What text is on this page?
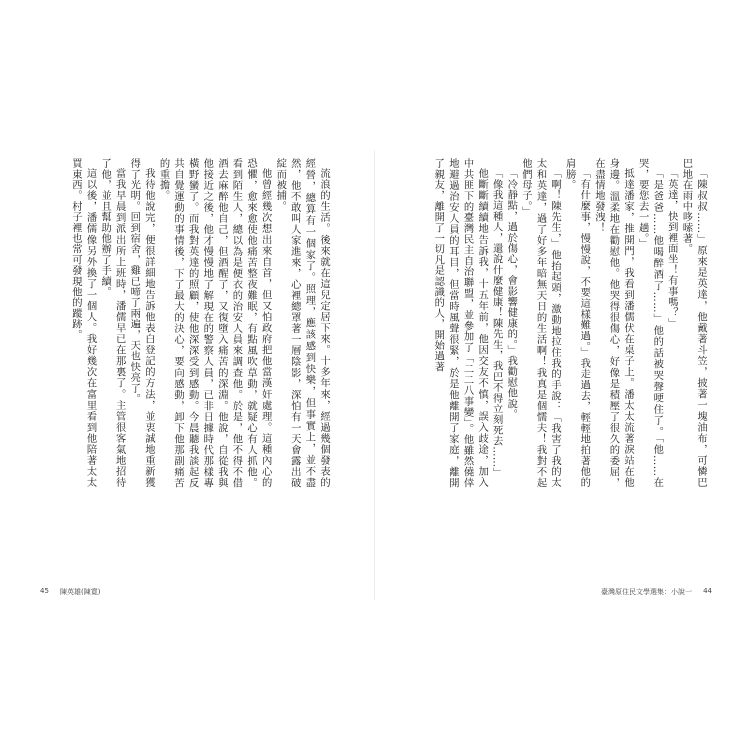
流浪的生活。後來就在這兒定居下來。十多年來，經過幾個發表的經營，總算有一個家了。照理，應該感到快樂，但事實上，並不盡然，他不敢叫人家進來，心裡總罩著一層陰影，深怕有一天會露出破綻而被捕。

他曾經幾次想出來自首，但又怕政府把他當漢奸處理。這種內心的恐懼，愈來愈使他痛苦整夜難眠，有點風吹草動，就疑心有人抓他。看到陌生人，總以為是便衣的治安人員來調查他。於是，他不得不借酒去麻醉他自己，但酒醒了，又復墮入痛苦的深淵。他說，自從我與他接近之後，他才慢慢地了解現在的警察人員，已非日據時代那樣專橫野蠻了。而我對英達的照顧，使他深深受到感動。今晨聽我談起反共自覺運動的事情後，下了最大的決心，要向感動，卸下他那副痛苦的重擔。

我待他說完，便很詳細地告訴他表白登記的方法，並衷誠地重新獲得了光明。回到宿舍，雞已啼了兩遍，天也快亮了。

當我早晨到派出所上班時，潘儒早已在那裏了。主管很客氣地招待了他，並且幫助他辦了手續。

這以後，潘儒像另外換了一個人。我好幾次在富里看到他陪著太太買東西。村子裡也常可發現他的蹤跡。

45 陳英雄(陳寛)	臺灣原住民文學選集：小說一 44

「陳叔叔……」原來是英達，他戴著斗笠，披著一塊油布，可憐巴巴地在雨中哆嗦著。

「英達，快到裡面坐！有事嗎？」

「是爸爸……他喝醉酒了……」他的話被哭聲哽住了。「他……在哭，要您去一趟。」

抵達潘家，推開門，我看到潘儒伏在桌子上。潘太太流著淚站在他身邊。溫柔地在勸慰他。他哭得很傷心，好像是積壓了很久的委屈，在盡情地發洩！

「有什麼事，慢慢說，不要這樣難過。」我走過去，輕輕地拍著他的肩膀。

「啊！陳先生，」他抬起頭，激動地拉住我的手說：「我害了我的太太和英達，過了好多年暗無天日的生活啊！我真是個懦夫！我對不起他們母子。」

「冷靜點，過於傷心，會影響健康的。」我勸慰他說。

「像我這種人，還說什麼健康！陳先生，我巴不得立刻死去……」

他斷斷續續地告訴我，十五年前，他因交友不慎，誤入歧途，加入中共匪下的臺灣民主自治聯盟，並參加了「二二八事變」。他雖然僥倖地避過治安人員的耳目，但當時風聲很緊，於是他離開了家庭，離開了親友，離開了一切凡是認識的人，開始過著
